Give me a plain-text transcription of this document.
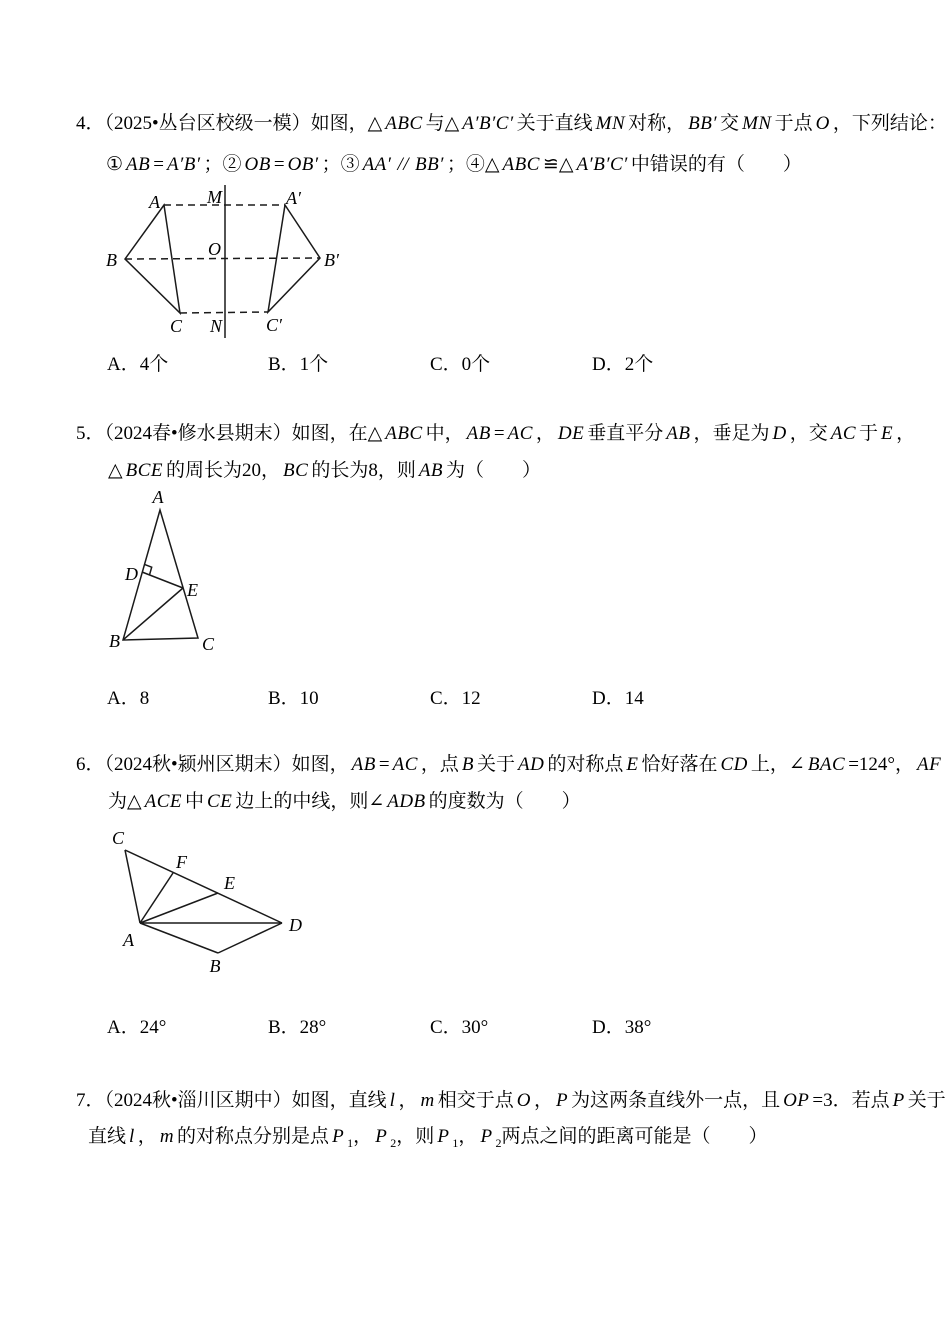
4．（2025•丛台区校级一模）如图，△ ABC 与△ A′B′C′ 关于直线 MN 对称， BB′ 交 MN 于点 O ，下列结论：
① AB = A′B′ ；② OB = OB′ ；③ AA′ // BB′ ；④△ ABC ≌△ A′B′C′ 中错误的有（　　）
A	M	A′
B
O
B′
C N C′
A．4个	B．1个	C．0个	D．2个
5．（2024春•修水县期末）如图，在△ ABC 中， AB = AC ， DE 垂直平分 AB ，垂足为 D ，交 AC 于 E ，
△ BCE 的周长为20， BC 的长为8，则 AB 为（　　）
A
D
E
B	C
A．8	B．10	C．12	D．14
6．（2024秋•颍州区期末）如图， AB = AC ，点 B 关于 AD 的对称点 E 恰好落在 CD 上，∠ BAC =124°， AF
为△ ACE 中 CE 边上的中线，则∠ ADB 的度数为（　　）
C
F
E
A
D
B
A．24°	B．28°	C．30°	D．38°
7．（2024秋•淄川区期中）如图，直线 l ， m 相交于点 O ， P 为这两条直线外一点，且 OP =3．若点 P 关于
直线 l ， m 的对称点分别是点 P $_1$， P $_2$，则 P $_1$， P $_2$两点之间的距离可能是（　　）
